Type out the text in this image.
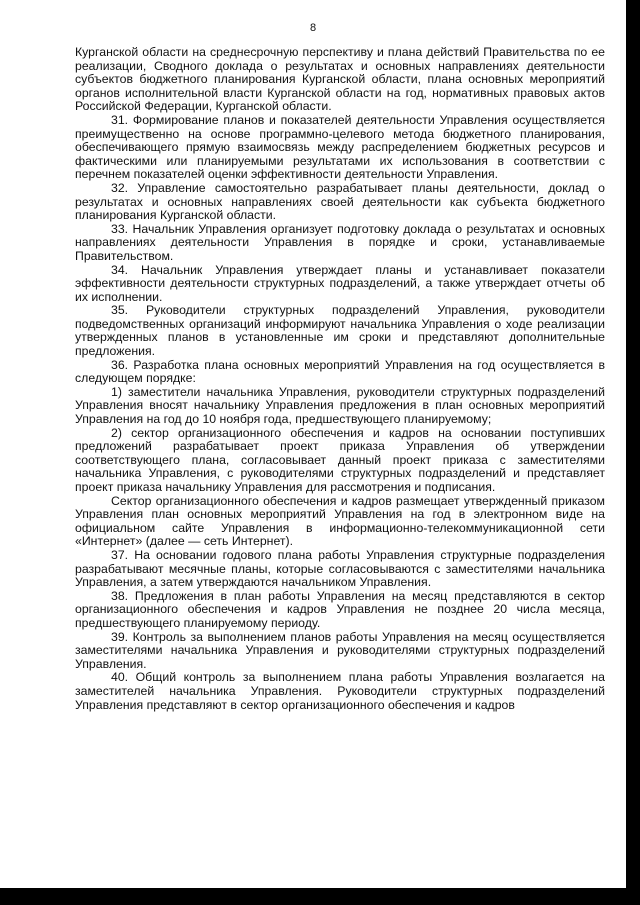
8

Курганской области на среднесрочную перспективу и плана действий Правительства по ее реализации, Сводного доклада о результатах и основных направлениях деятельности субъектов бюджетного планирования Курганской области, плана основных мероприятий органов исполнительной власти Курганской области на год, нормативных правовых актов Российской Федерации, Курганской области.

31. Формирование планов и показателей деятельности Управления осуществляется преимущественно на основе программно-целевого метода бюджетного планирования, обеспечивающего прямую взаимосвязь между распределением бюджетных ресурсов и фактическими или планируемыми результатами их использования в соответствии с перечнем показателей оценки эффективности деятельности Управления.

32. Управление самостоятельно разрабатывает планы деятельности, доклад о результатах и основных направлениях своей деятельности как субъекта бюджетного планирования Курганской области.

33. Начальник Управления организует подготовку доклада о результатах и основных направлениях деятельности Управления в порядке и сроки, устанавливаемые Правительством.

34. Начальник Управления утверждает планы и устанавливает показатели эффективности деятельности структурных подразделений, а также утверждает отчеты об их исполнении.

35. Руководители структурных подразделений Управления, руководители подведомственных организаций информируют начальника Управления о ходе реализации утвержденных планов в установленные им сроки и представляют дополнительные предложения.

36. Разработка плана основных мероприятий Управления на год осуществляется в следующем порядке:

1) заместители начальника Управления, руководители структурных подразделений Управления вносят начальнику Управления предложения в план основных мероприятий Управления на год до 10 ноября года, предшествующего планируемому;

2) сектор организационного обеспечения и кадров на основании поступивших предложений разрабатывает проект приказа Управления об утверждении соответствующего плана, согласовывает данный проект приказа с заместителями начальника Управления, с руководителями структурных подразделений и представляет проект приказа начальнику Управления для рассмотрения и подписания.

Сектор организационного обеспечения и кадров размещает утвержденный приказом Управления план основных мероприятий Управления на год в электронном виде на официальном сайте Управления в информационно-телекоммуникационной сети «Интернет» (далее — сеть Интернет).

37. На основании годового плана работы Управления структурные подразделения разрабатывают месячные планы, которые согласовываются с заместителями начальника Управления, а затем утверждаются начальником Управления.

38. Предложения в план работы Управления на месяц представляются в сектор организационного обеспечения и кадров Управления не позднее 20 числа месяца, предшествующего планируемому периоду.

39. Контроль за выполнением планов работы Управления на месяц осуществляется заместителями начальника Управления и руководителями структурных подразделений Управления.

40. Общий контроль за выполнением плана работы Управления возлагается на заместителей начальника Управления. Руководители структурных подразделений Управления представляют в сектор организационного обеспечения и кадров
